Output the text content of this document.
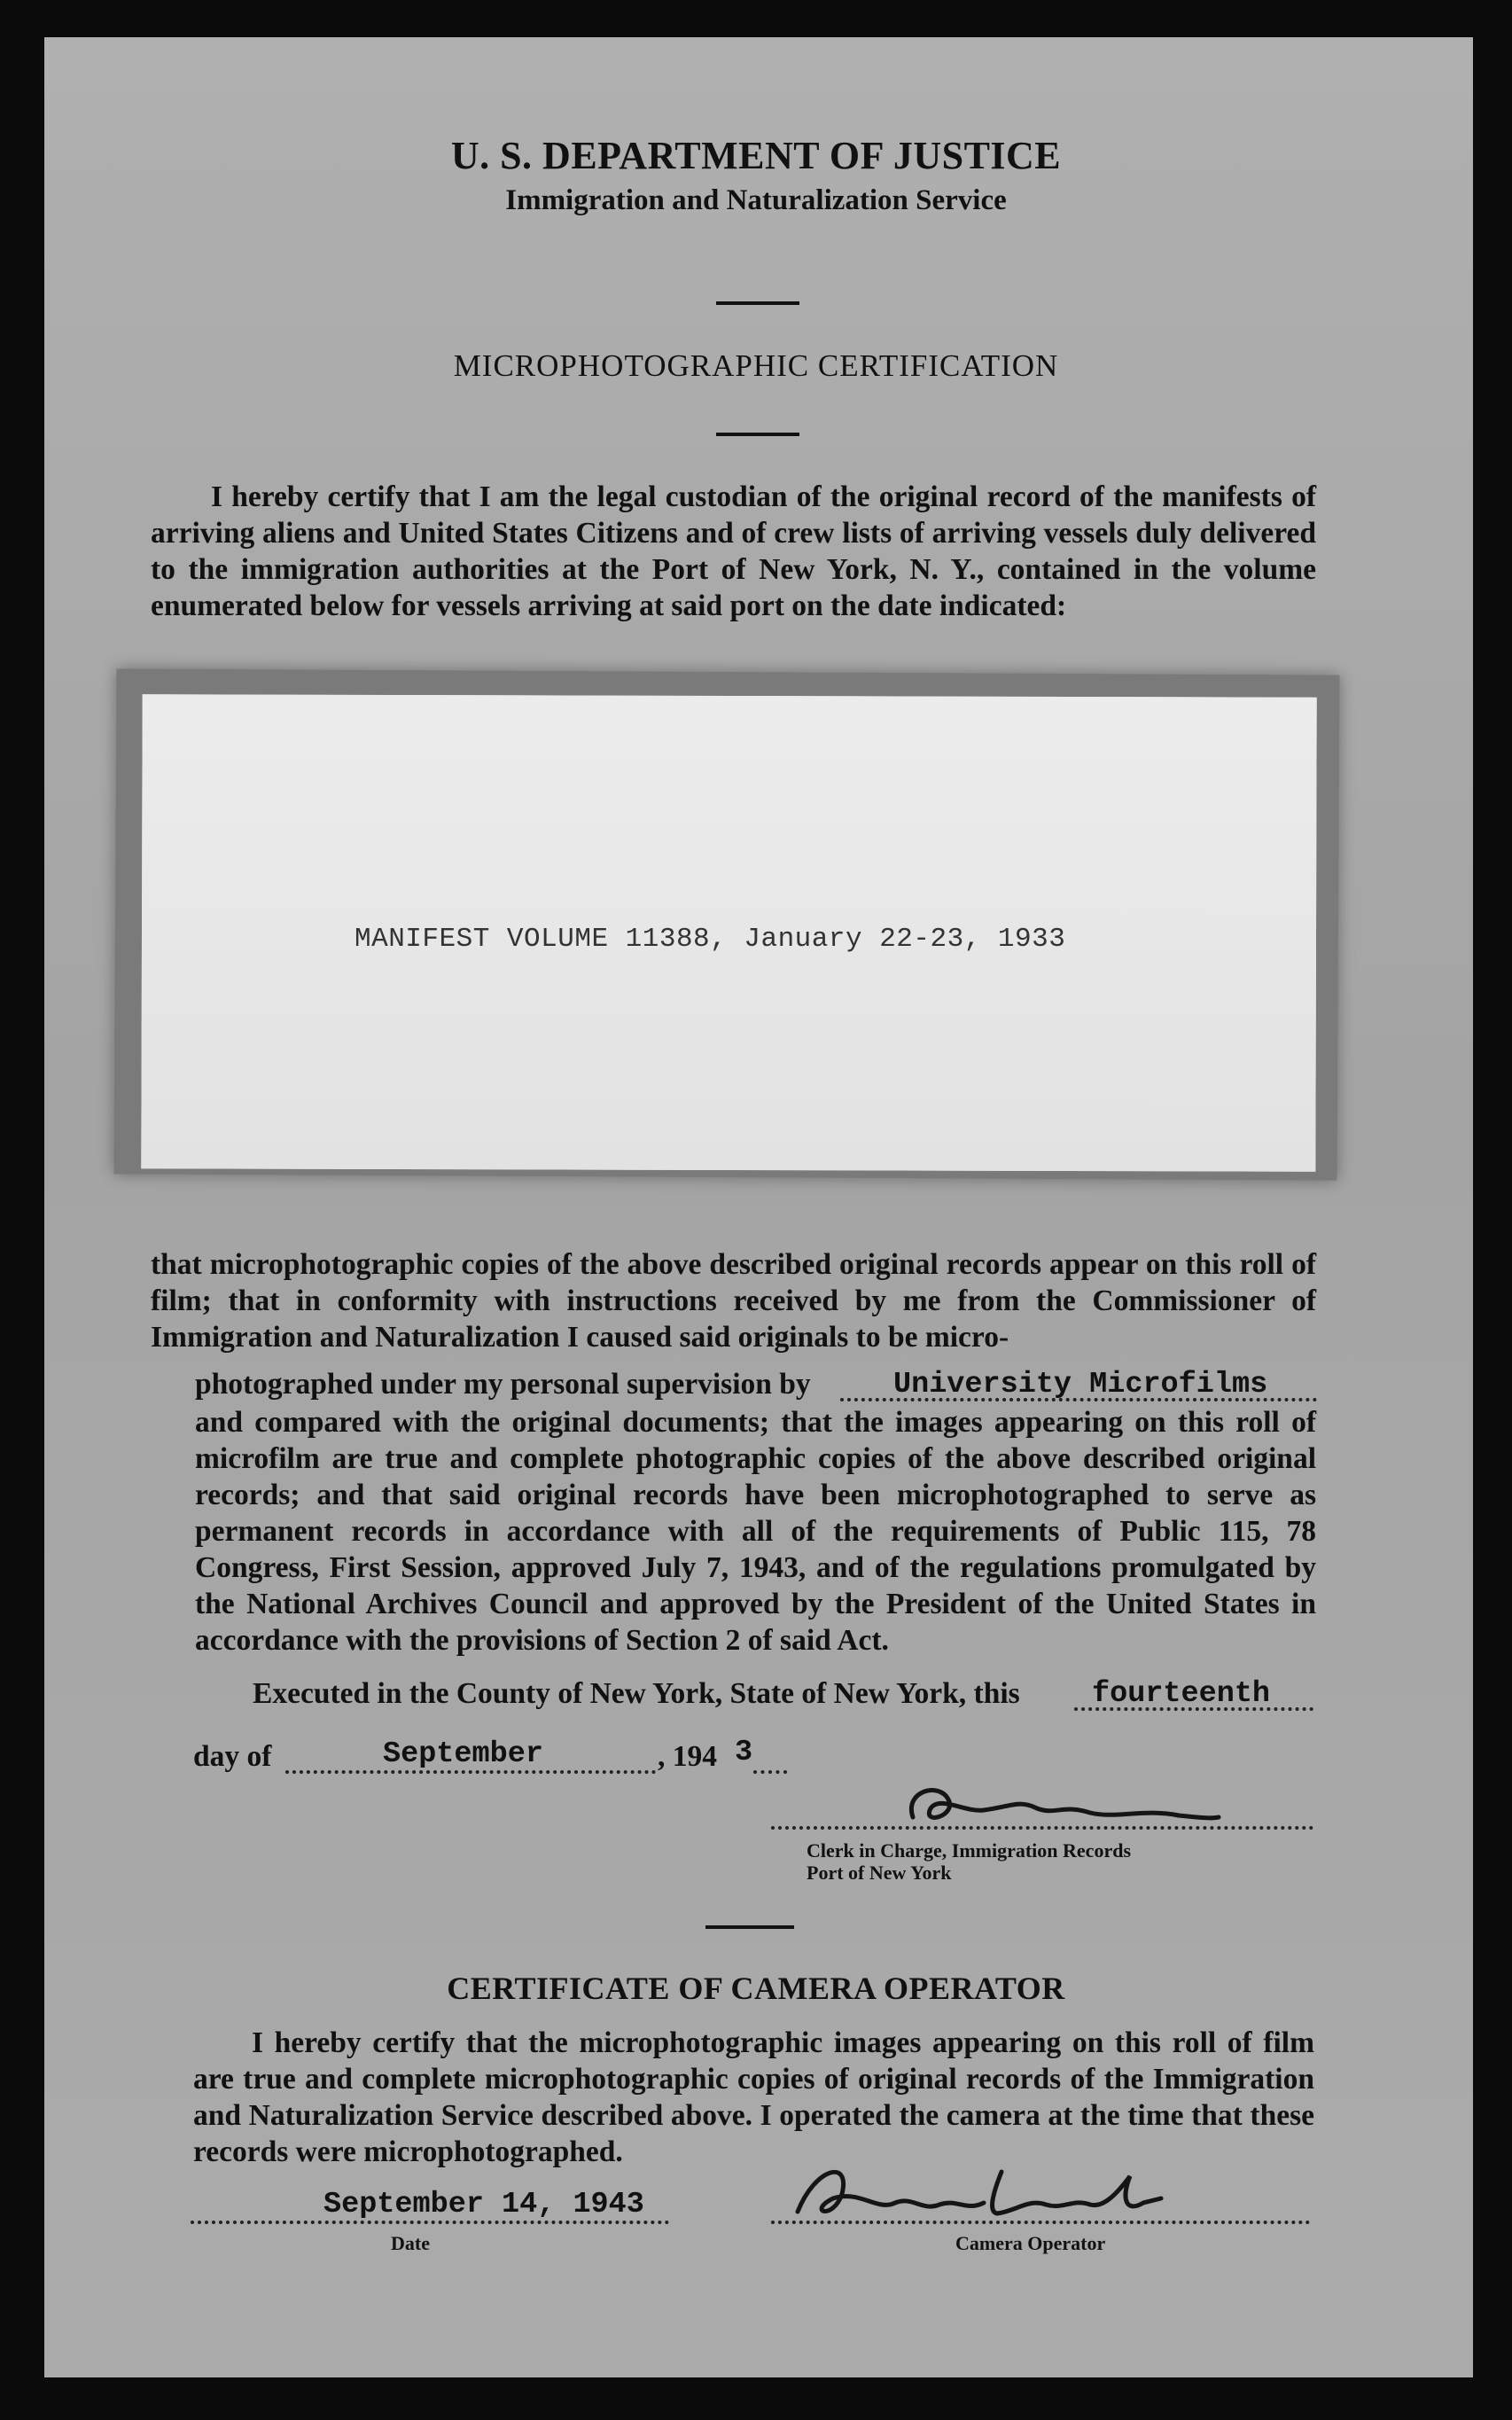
U. S. DEPARTMENT OF JUSTICE
Immigration and Naturalization Service
MICROPHOTOGRAPHIC CERTIFICATION
I hereby certify that I am the legal custodian of the original record of the manifests of arriving aliens and United States Citizens and of crew lists of arriving vessels duly delivered to the immigration authorities at the Port of New York, N. Y., contained in the volume enumerated below for vessels arriving at said port on the date indicated:
MANIFEST VOLUME 11388, January 22-23, 1933
that microphotographic copies of the above described original records appear on this roll of film; that in conformity with instructions received by me from the Commissioner of Immigration and Naturalization I caused said originals to be micro-
photographed under my personal supervision by	University Microfilms
and compared with the original documents; that the images appearing on this roll of microfilm are true and complete photographic copies of the above described original records; and that said original records have been microphotographed to serve as permanent records in accordance with all of the requirements of Public 115, 78 Congress, First Session, approved July 7, 1943, and of the regulations promulgated by the National Archives Council and approved by the President of the United States in accordance with the provisions of Section 2 of said Act.
Executed in the County of New York, State of New York, this fourteenth
day of	September	, 194 3
Clerk in Charge, Immigration Records
Port of New York
CERTIFICATE OF CAMERA OPERATOR
I hereby certify that the microphotographic images appearing on this roll of film are true and complete microphotographic copies of original records of the Immigration and Naturalization Service described above. I operated the camera at the time that these records were microphotographed.
September 14, 1943
Date	Camera Operator
